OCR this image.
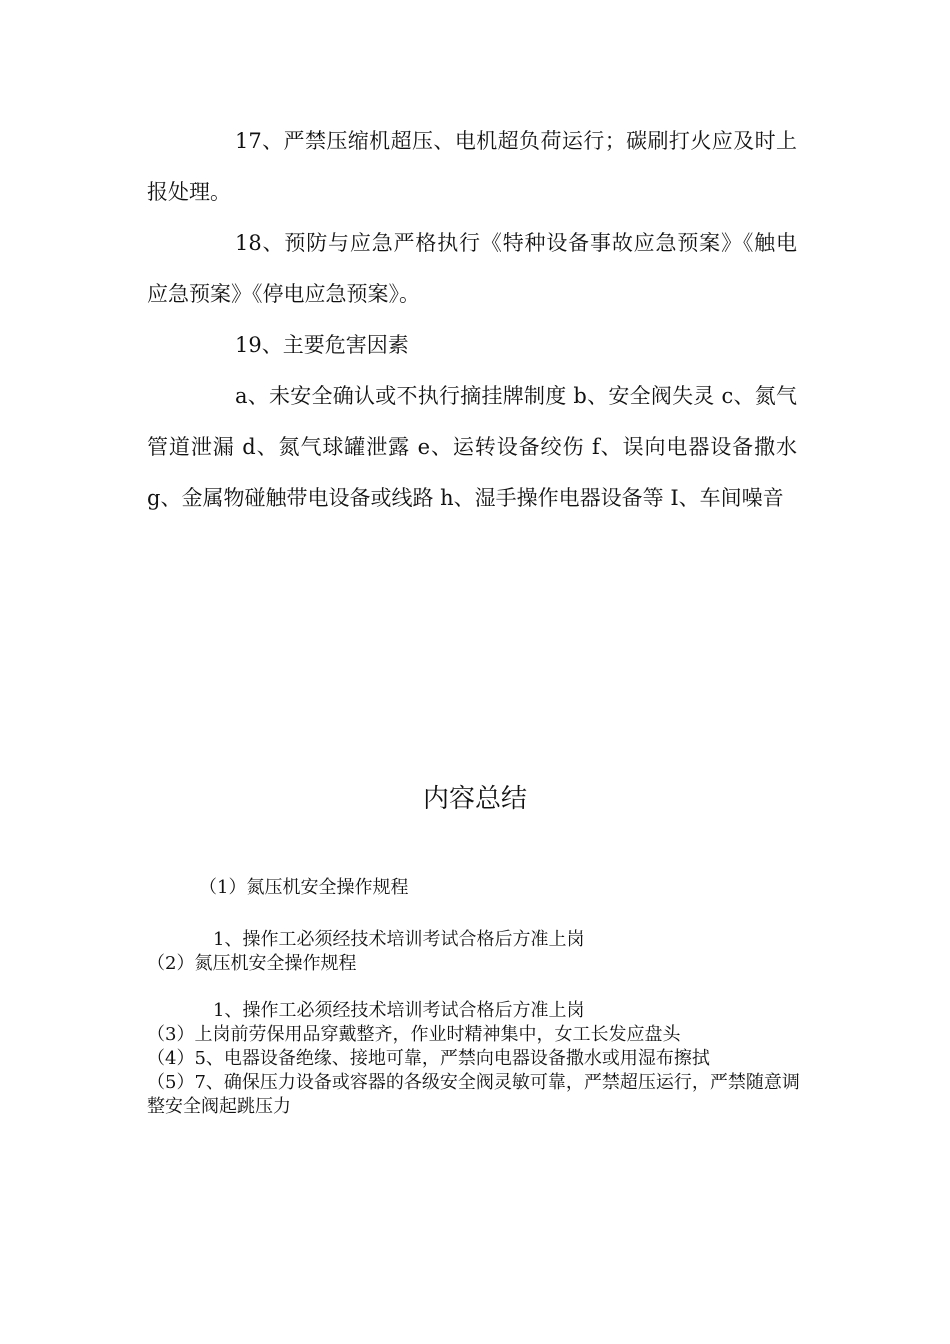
17、严禁压缩机超压、电机超负荷运行；碳刷打火应及时上报处理。

18、预防与应急严格执行《特种设备事故应急预案》《触电应急预案》《停电应急预案》。

19、主要危害因素

a、未安全确认或不执行摘挂牌制度 b、安全阀失灵 c、氮气管道泄漏 d、氮气球罐泄露 e、运转设备绞伤 f、误向电器设备撒水 g、金属物碰触带电设备或线路 h、湿手操作电器设备等 I、车间噪音

内容总结

（1）氮压机安全操作规程

1、操作工必须经技术培训考试合格后方准上岗

（2）氮压机安全操作规程

1、操作工必须经技术培训考试合格后方准上岗

（3）上岗前劳保用品穿戴整齐，作业时精神集中，女工长发应盘头

（4）5、电器设备绝缘、接地可靠，严禁向电器设备撒水或用湿布擦拭

（5）7、确保压力设备或容器的各级安全阀灵敏可靠，严禁超压运行，严禁随意调整安全阀起跳压力
